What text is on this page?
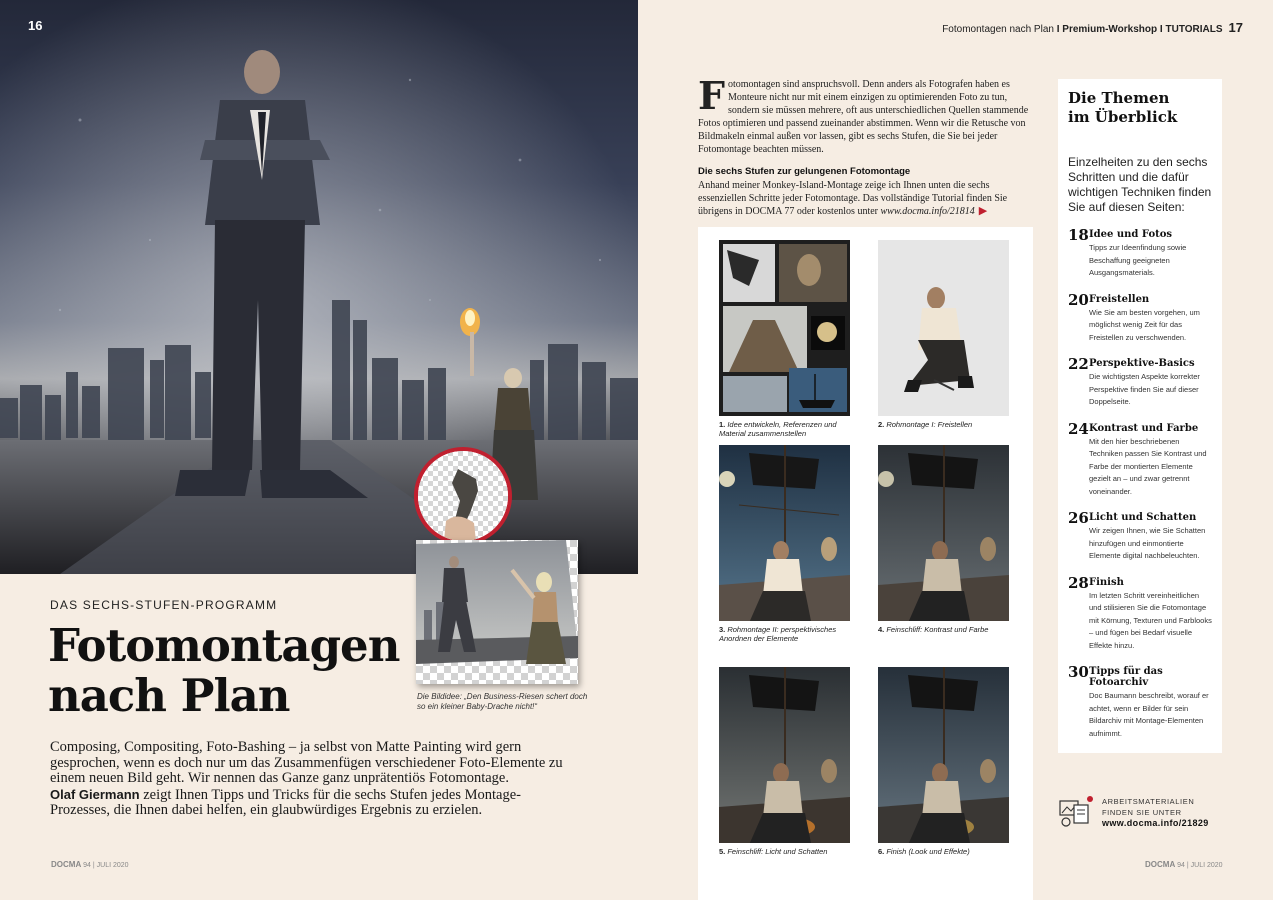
16
Die Bildidee: „Den Business-Riesen schert doch so ein kleiner Baby-Drache nicht!“
DAS SECHS-STUFEN-PROGRAMM
Fotomontagen
nach Plan
Composing, Compositing, Foto-Bashing – ja selbst von Matte Painting wird gern gesprochen, wenn es doch nur um das Zusammenfügen verschiedener Foto-Elemente zu einem neuen Bild geht. Wir nennen das Ganze ganz unprätentiös Fotomontage.
Olaf Giermann zeigt Ihnen Tipps und Tricks für die sechs Stufen jedes Montage-Prozesses, die Ihnen dabei helfen, ein glaubwürdiges Ergebnis zu erzielen.
DOCMA 94 | JULI 2020
Fotomontagen nach Plan I Premium-Workshop I TUTORIALS 17
Fotomontagen sind anspruchsvoll. Denn anders als Fotografen haben es Monteure nicht nur mit einem einzigen zu optimierenden Foto zu tun, sondern sie müssen mehrere, oft aus unterschiedlichen Quellen stammende Fotos optimieren und passend zueinander abstimmen. Wenn wir die Retusche von Bildmakeln einmal außen vor lassen, gibt es sechs Stufen, die Sie bei jeder Fotomontage beachten müssen.
Die sechs Stufen zur gelungenen Fotomontage
Anhand meiner Monkey-Island-Montage zeige ich Ihnen unten die sechs essenziellen Schritte jeder Fotomontage. Das vollständige Tutorial finden Sie übrigens in DOCMA 77 oder kostenlos unter www.docma.info/21814 ▶
1. Idee entwickeln, Referenzen und Material zusammenstellen
2. Rohmontage I: Freistellen
3. Rohmontage II: perspektivisches Anordnen der Elemente
4. Feinschliff: Kontrast und Farbe
5. Feinschliff: Licht und Schatten	6. Finish (Look und Effekte)
Die Themen
im Überblick
Einzelheiten zu den sechs Schritten und die dafür wichtigen Techniken finden Sie auf diesen Seiten:
18 Idee und Fotos
Tipps zur Ideenfindung sowie Beschaffung geeigneten Ausgangsmaterials.
20 Freistellen
Wie Sie am besten vorgehen, um möglichst wenig Zeit für das Freistellen zu verschwenden.
22 Perspektive-Basics
Die wichtigsten Aspekte korrekter Perspektive finden Sie auf dieser Doppelseite.
24 Kontrast und Farbe
Mit den hier beschriebenen Techniken passen Sie Kontrast und Farbe der montierten Elemente gezielt an – und zwar getrennt voneinander.
26 Licht und Schatten
Wir zeigen Ihnen, wie Sie Schatten hinzufügen und einmontierte Elemente digital nachbeleuchten.
28 Finish
Im letzten Schritt vereinheitlichen und stilisieren Sie die Fotomontage mit Körnung, Texturen und Farblooks – und fügen bei Bedarf visuelle Effekte hinzu.
30 Tipps für das Fotoarchiv
Doc Baumann beschreibt, worauf er achtet, wenn er Bilder für sein Bildarchiv mit Montage-Elementen aufnimmt.
ARBEITSMATERIALIEN
FINDEN SIE UNTER
www.docma.info/21829
DOCMA 94 | JULI 2020
